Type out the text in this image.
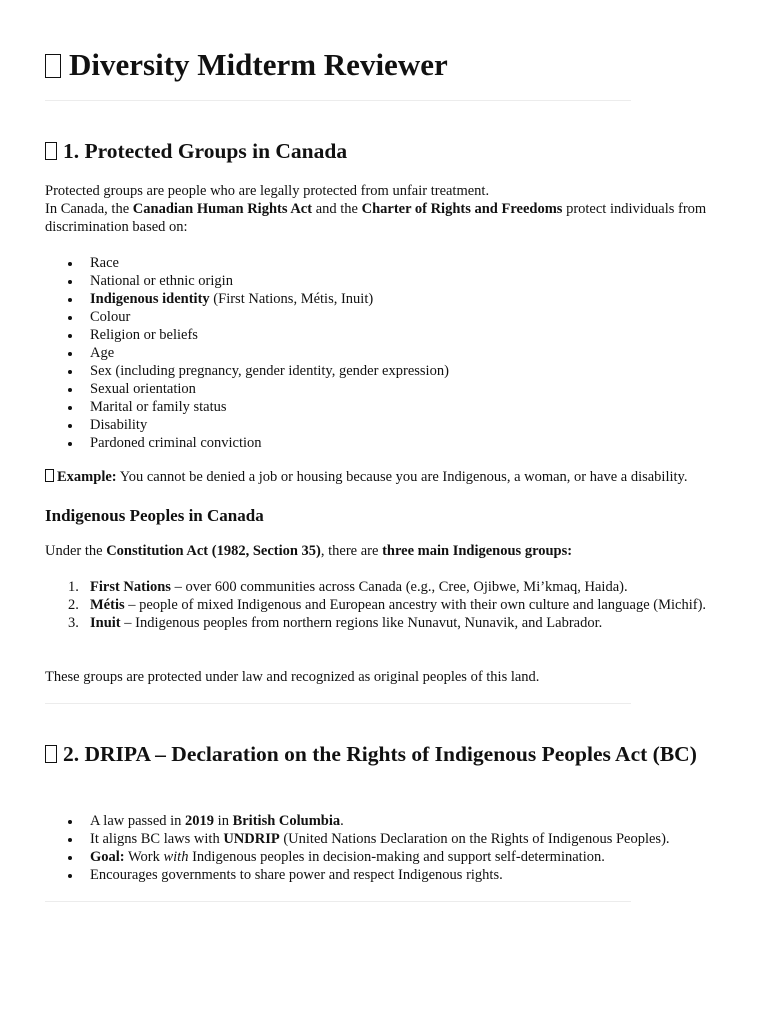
Diversity Midterm Reviewer
1. Protected Groups in Canada

Protected groups are people who are legally protected from unfair treatment.
In Canada, the Canadian Human Rights Act and the Charter of Rights and Freedoms protect individuals from discrimination based on:

Race
National or ethnic origin
Indigenous identity (First Nations, Métis, Inuit)
Colour
Religion or beliefs
Age
Sex (including pregnancy, gender identity, gender expression)
Sexual orientation
Marital or family status
Disability
Pardoned criminal conviction

Example: You cannot be denied a job or housing because you are Indigenous, a woman, or have a disability.

Indigenous Peoples in Canada

Under the Constitution Act (1982, Section 35), there are three main Indigenous groups:

1. First Nations – over 600 communities across Canada (e.g., Cree, Ojibwe, Mi’kmaq, Haida).
2. Métis – people of mixed Indigenous and European ancestry with their own culture and language (Michif).
3. Inuit – Indigenous peoples from northern regions like Nunavut, Nunavik, and Labrador.

These groups are protected under law and recognized as original peoples of this land.

2. DRIPA – Declaration on the Rights of Indigenous Peoples Act (BC)
A law passed in 2019 in British Columbia.
It aligns BC laws with UNDRIP (United Nations Declaration on the Rights of Indigenous Peoples).
Goal: Work with Indigenous peoples in decision-making and support self-determination.
Encourages governments to share power and respect Indigenous rights.
